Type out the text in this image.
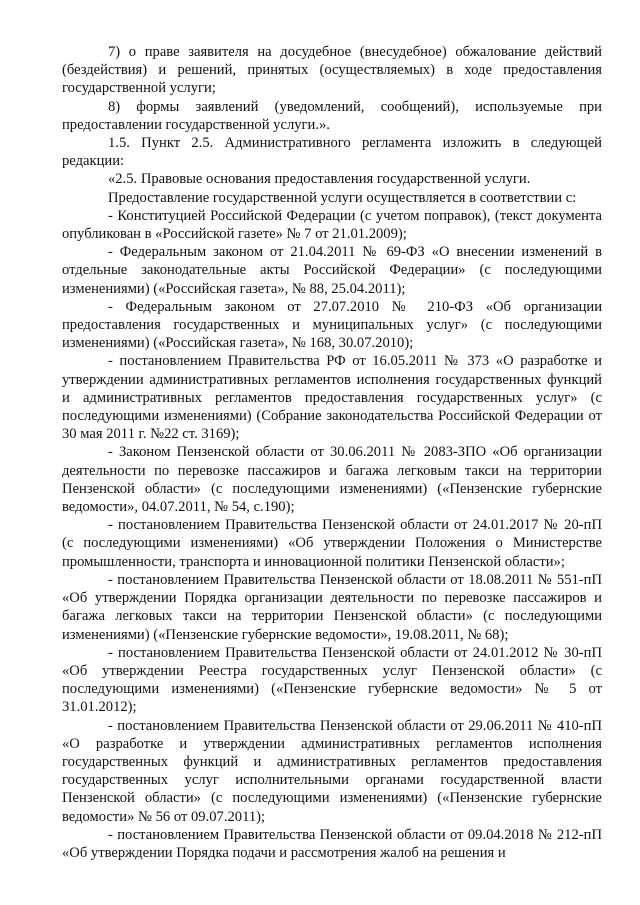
7) о праве заявителя на досудебное (внесудебное) обжалование действий (бездействия) и решений, принятых (осуществляемых) в ходе предоставления государственной услуги;

8) формы заявлений (уведомлений, сообщений), используемые при предоставлении государственной услуги.».

1.5. Пункт 2.5. Административного регламента изложить в следующей редакции:

«2.5. Правовые основания предоставления государственной услуги.

Предоставление государственной услуги осуществляется в соответствии с:

- Конституцией Российской Федерации (с учетом поправок), (текст документа опубликован в «Российской газете» № 7 от 21.01.2009);

- Федеральным законом от 21.04.2011 № 69-ФЗ «О внесении изменений в отдельные законодательные акты Российской Федерации» (с последующими изменениями) («Российская газета», № 88, 25.04.2011);

- Федеральным законом от 27.07.2010 № 210-ФЗ «Об организации предоставления государственных и муниципальных услуг» (с последующими изменениями) («Российская газета», № 168, 30.07.2010);

- постановлением Правительства РФ от 16.05.2011 № 373 «О разработке и утверждении административных регламентов исполнения государственных функций и административных регламентов предоставления государственных услуг» (с последующими изменениями) (Собрание законодательства Российской Федерации от 30 мая 2011 г. №22 ст. 3169);

- Законом Пензенской области от 30.06.2011 № 2083-ЗПО «Об организации деятельности по перевозке пассажиров и багажа легковым такси на территории Пензенской области» (с последующими изменениями) («Пензенские губернские ведомости», 04.07.2011, № 54, с.190);

- постановлением Правительства Пензенской области от 24.01.2017 № 20-пП (с последующими изменениями) «Об утверждении Положения о Министерстве промышленности, транспорта и инновационной политики Пензенской области»;

- постановлением Правительства Пензенской области от 18.08.2011 № 551-пП «Об утверждении Порядка организации деятельности по перевозке пассажиров и багажа легковых такси на территории Пензенской области» (с последующими изменениями) («Пензенские губернские ведомости», 19.08.2011, № 68);

- постановлением Правительства Пензенской области от 24.01.2012 № 30-пП «Об утверждении Реестра государственных услуг Пензенской области» (с последующими изменениями) («Пензенские губернские ведомости» № 5 от 31.01.2012);

- постановлением Правительства Пензенской области от 29.06.2011 № 410-пП «О разработке и утверждении административных регламентов исполнения государственных функций и административных регламентов предоставления государственных услуг исполнительными органами государственной власти Пензенской области» (с последующими изменениями) («Пензенские губернские ведомости» № 56 от 09.07.2011);

- постановлением Правительства Пензенской области от 09.04.2018 № 212-пП «Об утверждении Порядка подачи и рассмотрения жалоб на решения и
